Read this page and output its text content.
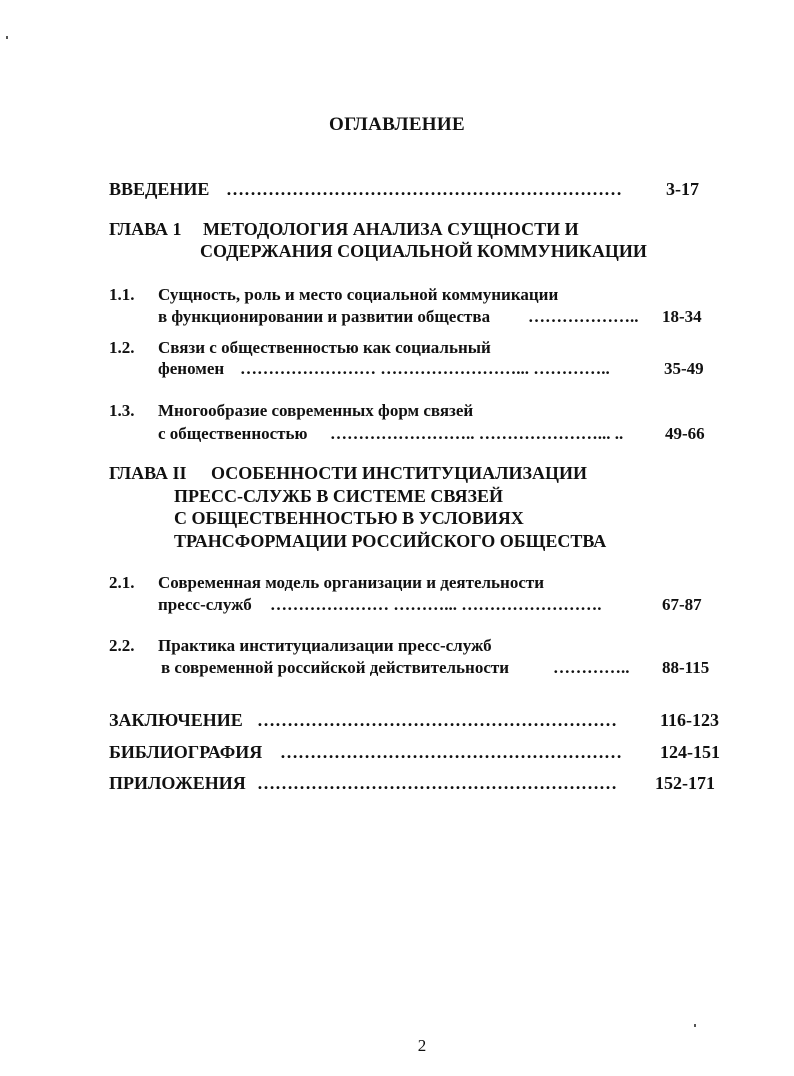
ОГЛАВЛЕНИЕ
ВВЕДЕНИЕ …………………………………………………………	3-17
ГЛАВА 1 МЕТОДОЛОГИЯ АНАЛИЗА СУЩНОСТИ И
СОДЕРЖАНИЯ СОЦИАЛЬНОЙ КОММУНИКАЦИИ
1.1. Сущность, роль и место социальной коммуникации
в функционировании и развитии общества ………………..	18-34
1.2. Связи с общественностью как социальный
феномен …………………… ……………………... …………..	35-49
1.3. Многообразие современных форм связей
с общественностью …………………….. …………………... ..	49-66
ГЛАВА II ОСОБЕННОСТИ ИНСТИТУЦИАЛИЗАЦИИ
ПРЕСС-СЛУЖБ В СИСТЕМЕ СВЯЗЕЙ
С ОБЩЕСТВЕННОСТЬЮ В УСЛОВИЯХ
ТРАНСФОРМАЦИИ РОССИЙСКОГО ОБЩЕСТВА
2.1. Современная модель организации и деятельности
пресс-служб ………………… ………... …………………….	67-87
2.2. Практика институциализации пресс-служб
в современной российской действительности	…………..	88-115
ЗАКЛЮЧЕНИЕ ……………………………………………………	116-123
БИБЛИОГРАФИЯ …………………………………………………	124-151
ПРИЛОЖЕНИЯ ……………………………………………………	152-171
2
